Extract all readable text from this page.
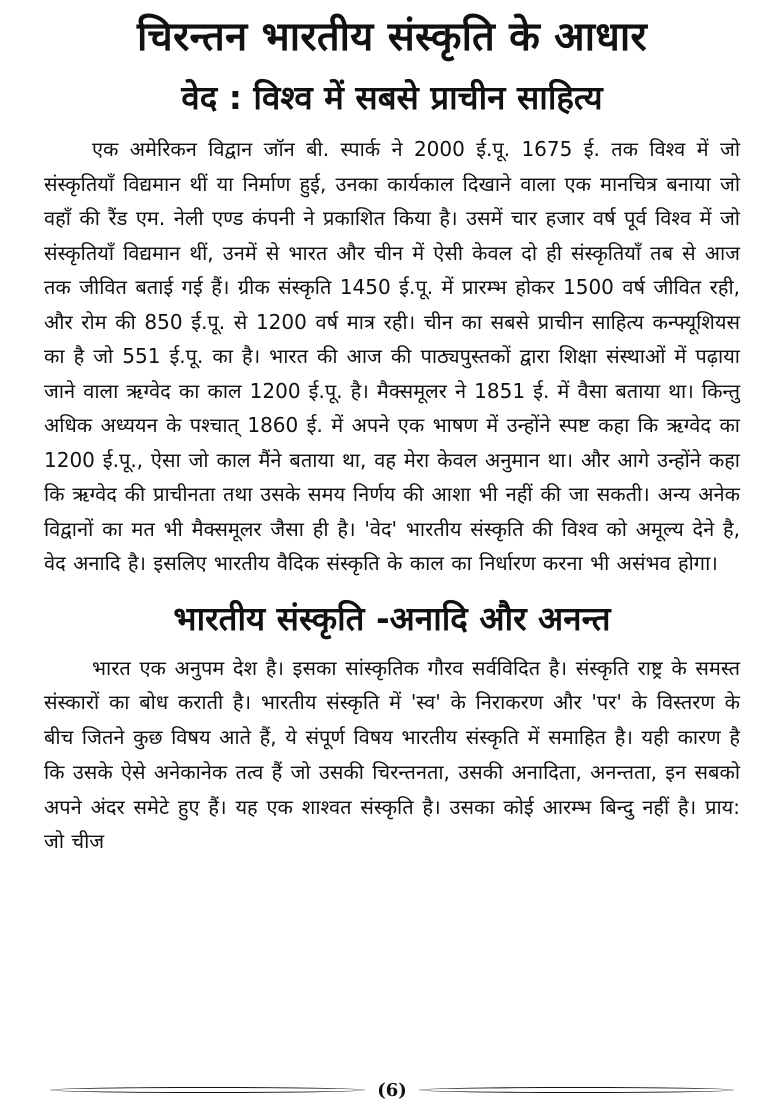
चिरन्तन भारतीय संस्कृति के आधार
वेद : विश्व में सबसे प्राचीन साहित्य

एक अमेरिकन विद्वान जॉन बी. स्पार्क ने 2000 ई.पू. 1675 ई. तक विश्व में जो संस्कृतियाँ विद्यमान थीं या निर्माण हुई, उनका कार्यकाल दिखाने वाला एक मानचित्र बनाया जो वहाँ की रैंड एम. नेली एण्ड कंपनी ने प्रकाशित किया है। उसमें चार हजार वर्ष पूर्व विश्व में जो संस्कृतियाँ विद्यमान थीं, उनमें से भारत और चीन में ऐसी केवल दो ही संस्कृतियाँ तब से आज तक जीवित बताई गई हैं। ग्रीक संस्कृति 1450 ई.पू. में प्रारम्भ होकर 1500 वर्ष जीवित रही, और रोम की 850 ई.पू. से 1200 वर्ष मात्र रही। चीन का सबसे प्राचीन साहित्य कन्फ्यूशियस का है जो 551 ई.पू. का है। भारत की आज की पाठ्यपुस्तकों द्वारा शिक्षा संस्थाओं में पढ़ाया जाने वाला ऋग्वेद का काल 1200 ई.पू. है। मैक्समूलर ने 1851 ई. में वैसा बताया था। किन्तु अधिक अध्ययन के पश्चात् 1860 ई. में अपने एक भाषण में उन्होंने स्पष्ट कहा कि ऋग्वेद का 1200 ई.पू., ऐसा जो काल मैंने बताया था, वह मेरा केवल अनुमान था। और आगे उन्होंने कहा कि ऋग्वेद की प्राचीनता तथा उसके समय निर्णय की आशा भी नहीं की जा सकती। अन्य अनेक विद्वानों का मत भी मैक्समूलर जैसा ही है। 'वेद' भारतीय संस्कृति की विश्व को अमूल्य देने है, वेद अनादि है। इसलिए भारतीय वैदिक संस्कृति के काल का निर्धारण करना भी असंभव होगा।

भारतीय संस्कृति -अनादि और अनन्त

भारत एक अनुपम देश है। इसका सांस्कृतिक गौरव सर्वविदित है। संस्कृति राष्ट्र के समस्त संस्कारों का बोध कराती है। भारतीय संस्कृति में 'स्व' के निराकरण और 'पर' के विस्तरण के बीच जितने कुछ विषय आते हैं, ये संपूर्ण विषय भारतीय संस्कृति में समाहित है। यही कारण है कि उसके ऐसे अनेकानेक तत्व हैं जो उसकी चिरन्तनता, उसकी अनादिता, अनन्तता, इन सबको अपने अंदर समेटे हुए हैं। यह एक शाश्वत संस्कृति है। उसका कोई आरम्भ बिन्दु नहीं है। प्राय: जो चीज

(6)
